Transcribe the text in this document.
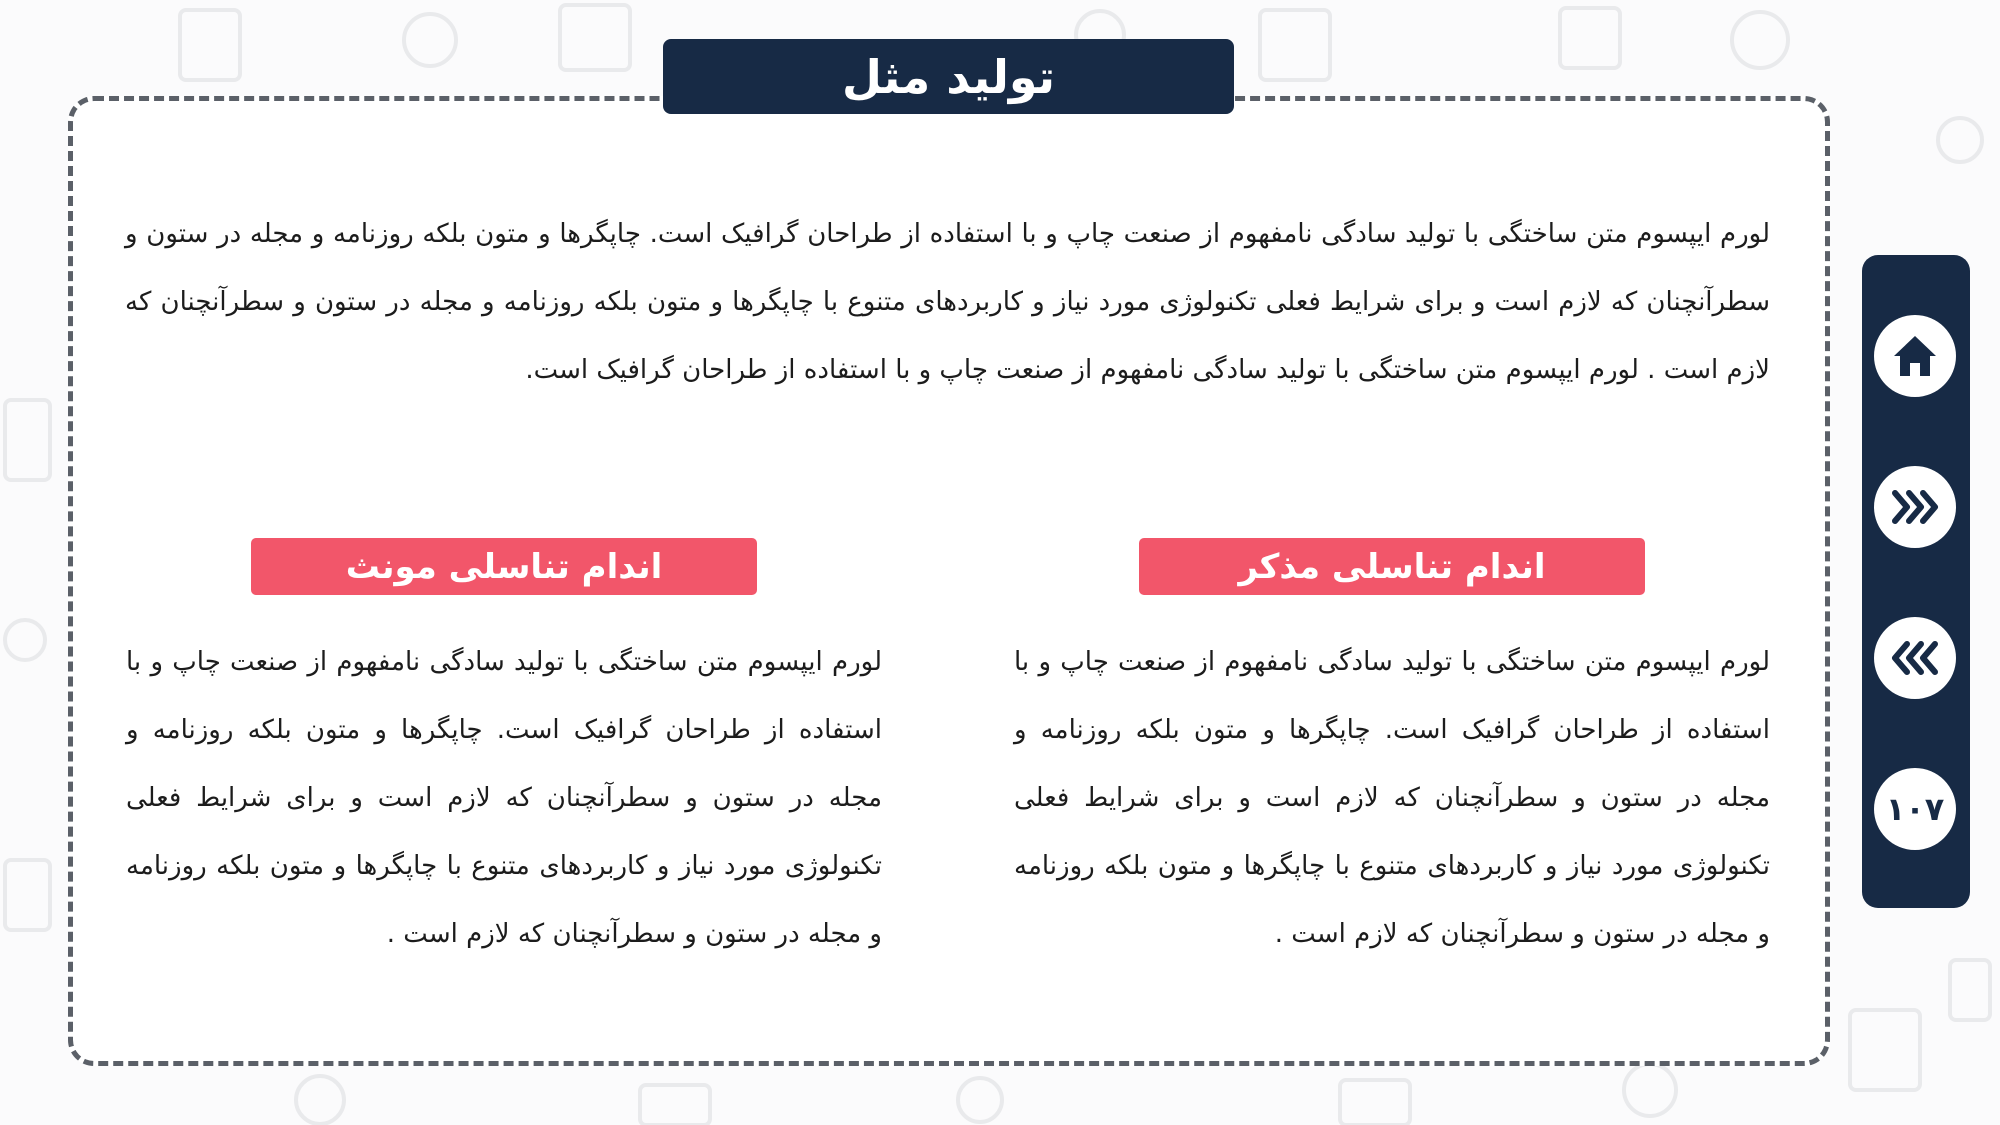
تولید مثل

لورم ایپسوم متن ساختگی با تولید سادگی نامفهوم از صنعت چاپ و با استفاده از طراحان گرافیک است. چاپگرها و متون بلکه روزنامه و مجله در ستون و سطرآنچنان که لازم است و برای شرایط فعلی تکنولوژی مورد نیاز و کاربردهای متنوع با چاپگرها و متون بلکه روزنامه و مجله در ستون و سطرآنچنان که لازم است . لورم ایپسوم متن ساختگی با تولید سادگی نامفهوم از صنعت چاپ و با استفاده از طراحان گرافیک است.

اندام تناسلی مذکر

لورم ایپسوم متن ساختگی با تولید سادگی نامفهوم از صنعت چاپ و با استفاده از طراحان گرافیک است. چاپگرها و متون بلکه روزنامه و مجله در ستون و سطرآنچنان که لازم است و برای شرایط فعلی تکنولوژی مورد نیاز و کاربردهای متنوع با چاپگرها و متون بلکه روزنامه و مجله در ستون و سطرآنچنان که لازم است .

اندام تناسلی مونث

لورم ایپسوم متن ساختگی با تولید سادگی نامفهوم از صنعت چاپ و با استفاده از طراحان گرافیک است. چاپگرها و متون بلکه روزنامه و مجله در ستون و سطرآنچنان که لازم است و برای شرایط فعلی تکنولوژی مورد نیاز و کاربردهای متنوع با چاپگرها و متون بلکه روزنامه و مجله در ستون و سطرآنچنان که لازم است .

۱۰۷
